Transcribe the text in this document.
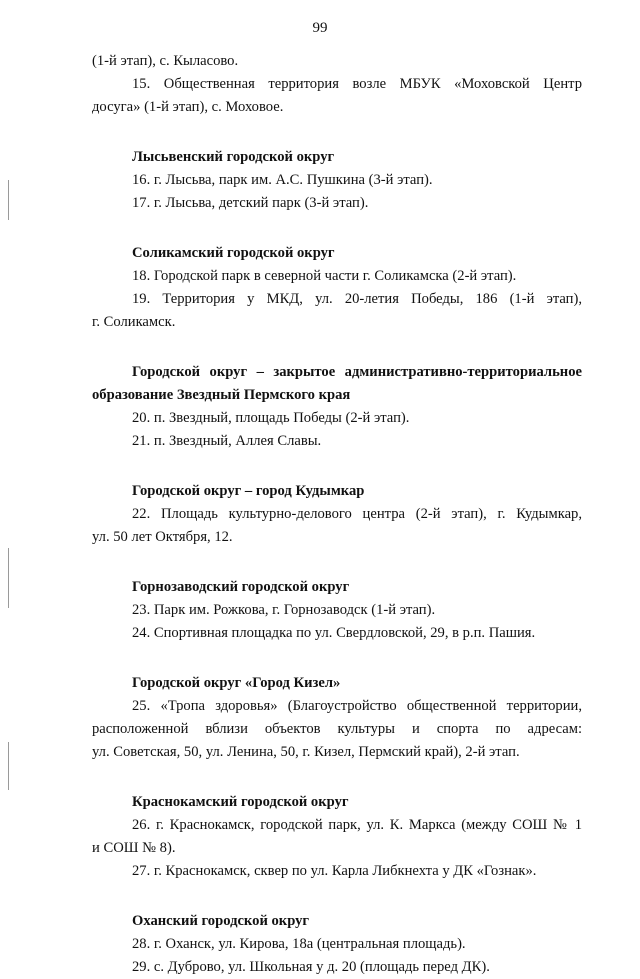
99
(1-й этап), с. Кыласово.
15. Общественная территория возле МБУК «Моховской Центр
досуга» (1-й этап), с. Моховое.
Лысьвенский городской округ
16. г. Лысьва, парк им. А.С. Пушкина (3-й этап).
17. г. Лысьва, детский парк (3-й этап).
Соликамский городской округ
18. Городской парк в северной части г. Соликамска (2-й этап).
19. Территория у МКД, ул. 20-летия Победы, 186 (1-й этап),
г. Соликамск.
Городской округ – закрытое административно-территориальное
образование Звездный Пермского края
20. п. Звездный, площадь Победы (2-й этап).
21. п. Звездный, Аллея Славы.
Городской округ – город Кудымкар
22. Площадь культурно-делового центра (2-й этап), г. Кудымкар,
ул. 50 лет Октября, 12.
Горнозаводский городской округ
23. Парк им. Рожкова, г. Горнозаводск (1-й этап).
24. Спортивная площадка по ул. Свердловской, 29, в р.п. Пашия.
Городской округ «Город Кизел»
25. «Тропа здоровья» (Благоустройство общественной территории,
расположенной вблизи объектов культуры и спорта по адресам:
ул. Советская, 50, ул. Ленина, 50, г. Кизел, Пермский край), 2-й этап.
Краснокамский городской округ
26. г. Краснокамск, городской парк, ул. К. Маркса (между СОШ № 1
и СОШ № 8).
27. г. Краснокамск, сквер по ул. Карла Либкнехта у ДК «Гознак».
Оханский городской округ
28. г. Оханск, ул. Кирова, 18а (центральная площадь).
29. с. Дуброво, ул. Школьная у д. 20 (площадь перед ДК).
